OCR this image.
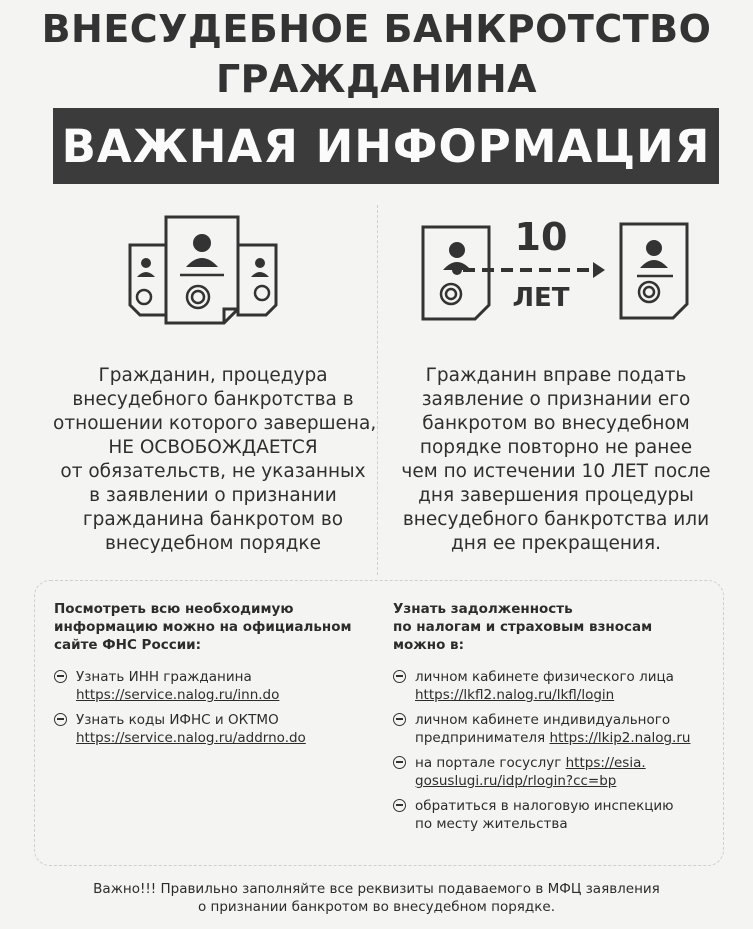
ВНЕСУДЕБНОЕ БАНКРОТСТВО
ГРАЖДАНИНА
ВАЖНАЯ ИНФОРМАЦИЯ
10
ЛЕТ
Гражданин, процедура
внесудебного банкротства в
отношении которого завершена,
НЕ ОСВОБОЖДАЕТСЯ
от обязательств, не указанных
в заявлении о признании
гражданина банкротом во
внесудебном порядке
Гражданин вправе подать
заявление о признании его
банкротом во внесудебном
порядке повторно не ранее
чем по истечении 10 ЛЕТ после
дня завершения процедуры
внесудебного банкротства или
дня ее прекращения.
Посмотреть всю необходимую
информацию можно на официальном
сайте ФНС России:
Узнать ИНН гражданина
https://service.nalog.ru/inn.do
Узнать коды ИФНС и ОКТМО
https://service.nalog.ru/addrno.do
Узнать задолженность
по налогам и страховым взносам
можно в:
личном кабинете физического лица
https://lkfl2.nalog.ru/lkfl/login
личном кабинете индивидуального
предпринимателя https://lkip2.nalog.ru
на портале госуслуг https://esia.
gosuslugi.ru/idp/rlogin?cc=bp
обратиться в налоговую инспекцию
по месту жительства
Важно!!! Правильно заполняйте все реквизиты подаваемого в МФЦ заявления
о признании банкротом во внесудебном порядке.
